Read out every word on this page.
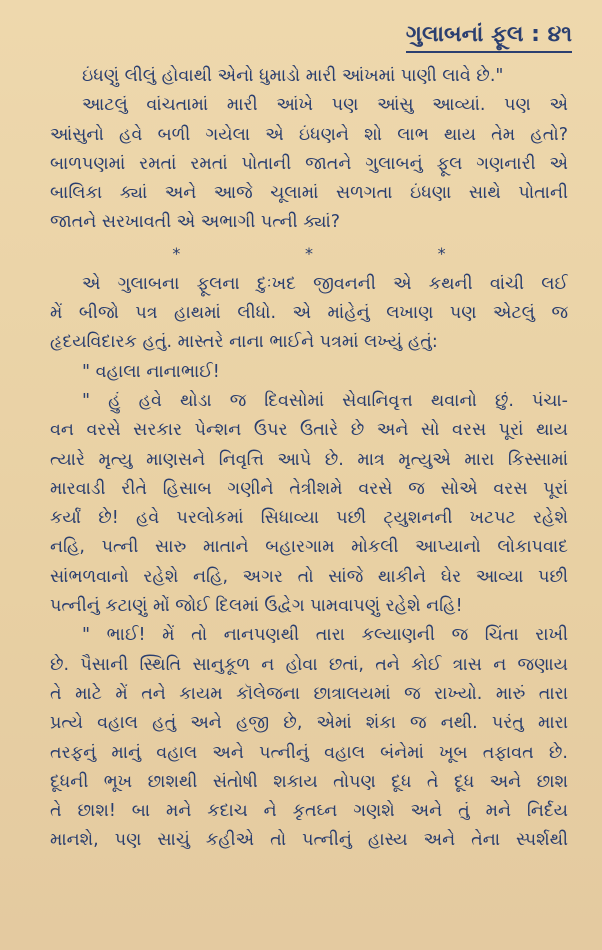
ગુલાબનાં ફૂલ : ૪૧
ઇંધણું લીલું હોવાથી એનો ધુમાડો મારી આંખમાં પાણી લાવે છે."
આટલું વાંચતામાં મારી આંખે પણ આંસુ આવ્યાં. પણ એ
આંસુનો હવે બળી ગયેલા એ ઇંધણને શો લાભ થાય તેમ હતો?
બાળપણમાં રમતાં રમતાં પોતાની જાતને ગુલાબનું ફૂલ ગણનારી એ
બાલિકા ક્યાં અને આજે ચૂલામાં સળગતા ઇંધણા સાથે પોતાની
જાતને સરખાવતી એ અભાગી પત્ની ક્યાં?
*	*	*
એ ગુલાબના ફૂલના દુઃખદ જીવનની એ કથની વાંચી લઈ
મેં બીજો પત્ર હાથમાં લીધો. એ માંહેનું લખાણ પણ એટલું જ
હૃદયવિદારક હતું. માસ્તરે નાના ભાઈને પત્રમાં લખ્યું હતું:
" વહાલા નાનાભાઈ!
" હું હવે થોડા જ દિવસોમાં સેવાનિવૃત્ત થવાનો છું. પંચા-
વન વરસે સરકાર પેન્શન ઉપર ઉતારે છે અને સો વરસ પૂરાં થાય
ત્યારે મૃત્યુ માણસને નિવૃત્તિ આપે છે. માત્ર મૃત્યુએ મારા કિસ્સામાં
મારવાડી રીતે હિસાબ ગણીને તેત્રીશમે વરસે જ સોએ વરસ પૂરાં
કર્યાં છે! હવે પરલોકમાં સિધાવ્યા પછી ટ્યુશનની ખટપટ રહેશે
નહિ, પત્ની સારુ માતાને બહારગામ મોકલી આપ્યાનો લોકાપવાદ
સાંભળવાનો રહેશે નહિ, અગર તો સાંજે થાકીને ઘેર આવ્યા પછી
પત્નીનું કટાણું મોં જોઈ દિલમાં ઉદ્વેગ પામવાપણું રહેશે નહિ!
" ભાઈ! મેં તો નાનપણથી તારા કલ્યાણની જ ચિંતા રાખી
છે. પૈસાની સ્થિતિ સાનુકૂળ ન હોવા છતાં, તને કોઈ ત્રાસ ન જણાય
તે માટે મેં તને કાયમ કૉલેજના છાત્રાલયમાં જ રાખ્યો. મારું તારા
પ્રત્યે વહાલ હતું અને હજી છે, એમાં શંકા જ નથી. પરંતુ મારા
તરફનું માનું વહાલ અને પત્નીનું વહાલ બંનેમાં ખૂબ તફાવત છે.
દૂધની ભૂખ છાશથી સંતોષી શકાય તોપણ દૂધ તે દૂધ અને છાશ
તે છાશ! બા મને કદાચ ને કૃતઘ્ન ગણશે અને તું મને નિર્દય
માનશે, પણ સાચું કહીએ તો પત્નીનું હાસ્ય અને તેના સ્પર્શથી
